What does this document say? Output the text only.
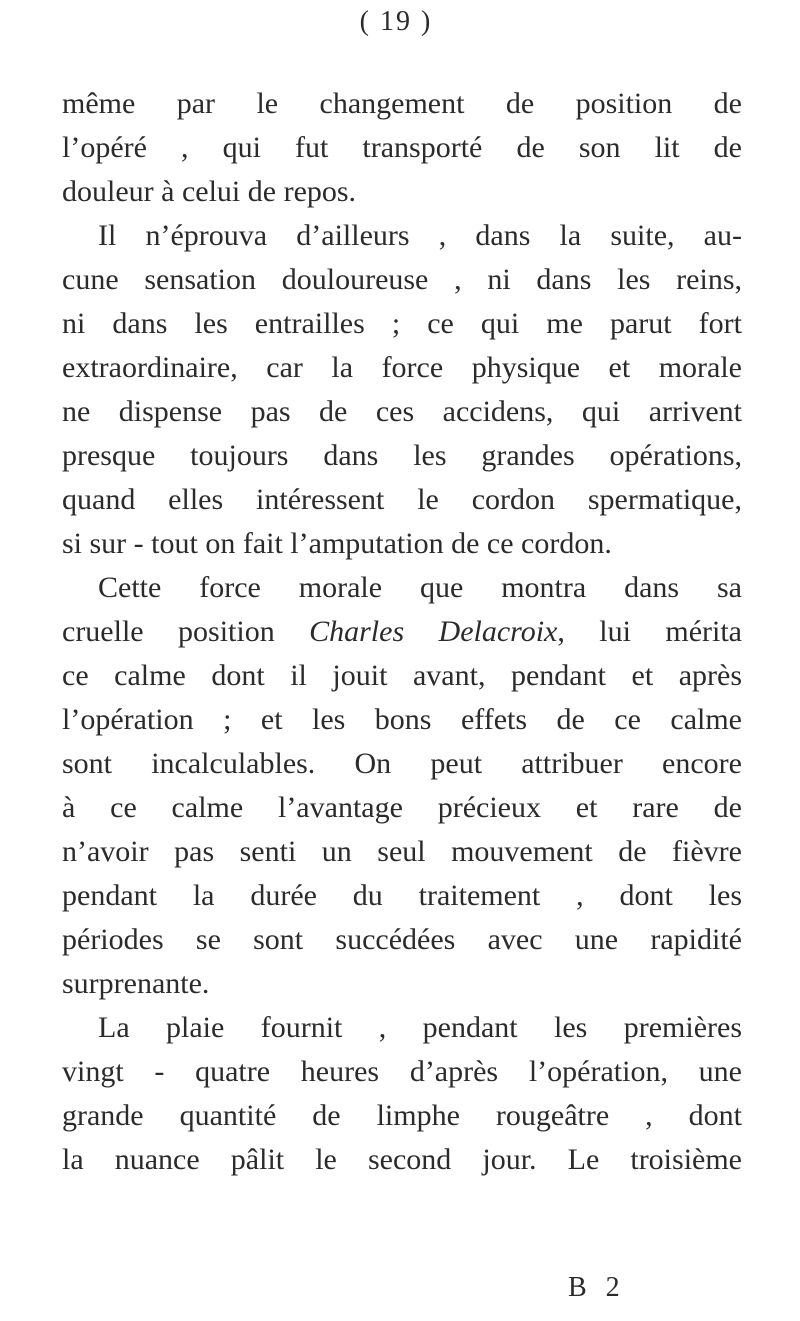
( 19 )
même par le changement de position de
l’opéré , qui fut transporté de son lit de
douleur à celui de repos.
Il n’éprouva d’ailleurs , dans la suite, au-
cune sensation douloureuse , ni dans les reins,
ni dans les entrailles ; ce qui me parut fort
extraordinaire, car la force physique et morale
ne dispense pas de ces accidens, qui arrivent
presque toujours dans les grandes opérations,
quand elles intéressent le cordon spermatique,
si sur - tout on fait l’amputation de ce cordon.
Cette force morale que montra dans sa
cruelle position Charles Delacroix, lui mérita
ce calme dont il jouit avant, pendant et après
l’opération ; et les bons effets de ce calme
sont incalculables. On peut attribuer encore
à ce calme l’avantage précieux et rare de
n’avoir pas senti un seul mouvement de fièvre
pendant la durée du traitement , dont les
périodes se sont succédées avec une rapidité
surprenante.
La plaie fournit , pendant les premières
vingt - quatre heures d’après l’opération, une
grande quantité de limphe rougeâtre , dont
la nuance pâlit le second jour. Le troisième
B 2
